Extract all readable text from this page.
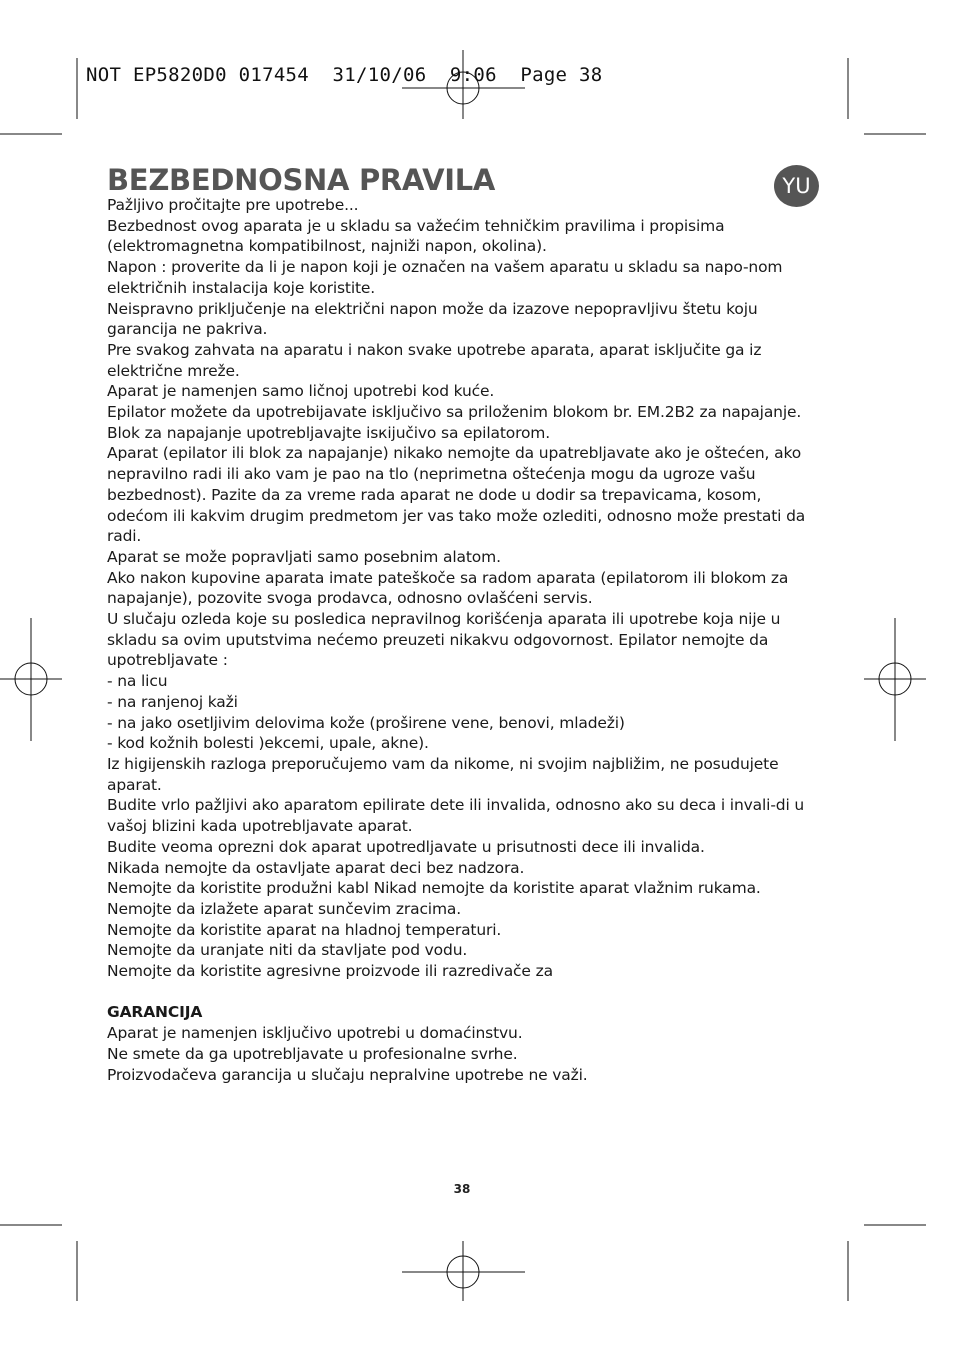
NOT EP5820D0 017454  31/10/06  9:06  Page 38
BEZBEDNOSNA PRAVILA	YU

Pažljivo pročitajte pre upotrebe...

Bezbednost ovog aparata je u skladu sa važećim tehničkim pravilima i propisima (elektromagnetna kompatibilnost, najniži napon, okolina).

Napon : proverite da li je napon koji je označen na vašem aparatu u skladu sa napo-nom električnih instalacija koje koristite.

Neispravno priključenje na električni napon može da izazove nepopravljivu štetu koju garancija ne pakriva.

Pre svakog zahvata na aparatu i nakon svake upotrebe aparata, aparat isključite ga iz električne mreže.

Aparat je namenjen samo ličnoj upotrebi kod kuće.

Epilator možete da upotrebijavate isključivo sa priloženim blokom br. EM.2B2 za napajanje.

Blok za napajanje upotrebljavajte isкijučivo sa epilatorom.

Aparat (epilator ili blok za napajanje) nikako nemojte da upatrebljavate ako je oštećen, ako nepravilno radi ili ako vam je pao na tlo (neprimetna oštećenja mogu da ugroze vašu bezbednost). Pazite da za vreme rada aparat ne dode u dodir sa trepavicama, kosom, odećom ili kakvim drugim predmetom jer vas tako može ozlediti, odnosno može prestati da radi.

Aparat se može popravljati samo posebnim alatom.

Ako nakon kupovine aparata imate pateškoče sa radom aparata (epilatorom ili blokom za napajanje), pozovite svoga prodavca, odnosno ovlašćeni servis.

U slučaju ozleda koje su posledica nepravilnog korišćenja aparata ili upotrebe koja nije u skladu sa ovim uputstvima nećemo preuzeti nikakvu odgovornost. Epilator nemojte da upotrebljavate :

- na licu

- na ranjenoj kaži

- na jako osetljivim delovima kože (proširene vene, benovi, mladeži)

- kod kožnih bolesti )ekcemi, upale, akne).

Iz higijenskih razloga preporučujemo vam da nikome, ni svojim najbližim, ne posudujete aparat.

Budite vrlo pažljivi ako aparatom epilirate dete ili invalida, odnosno ako su deca i invali-di u vašoj blizini kada upotrebljavate aparat.

Budite veoma oprezni dok aparat upotredljavate u prisutnosti dece ili invalida.

Nikada nemojte da ostavljate aparat deci bez nadzora.

Nemojte da koristite produžni kabl Nikad nemojte da koristite aparat vlažnim rukama.

Nemojte da izlažete aparat sunčevim zracima.

Nemojte da koristite aparat na hladnoj temperaturi.

Nemojte da uranjate niti da stavljate pod vodu.

Nemojte da koristite agresivne proizvode ili razredivače za

GARANCIJA

Aparat je namenjen isključivo upotrebi u domaćinstvu.

Ne smete da ga upotrebljavate u profesionalne svrhe.

Proizvodačeva garancija u slučaju nepralvine upotrebe ne važi.

38
